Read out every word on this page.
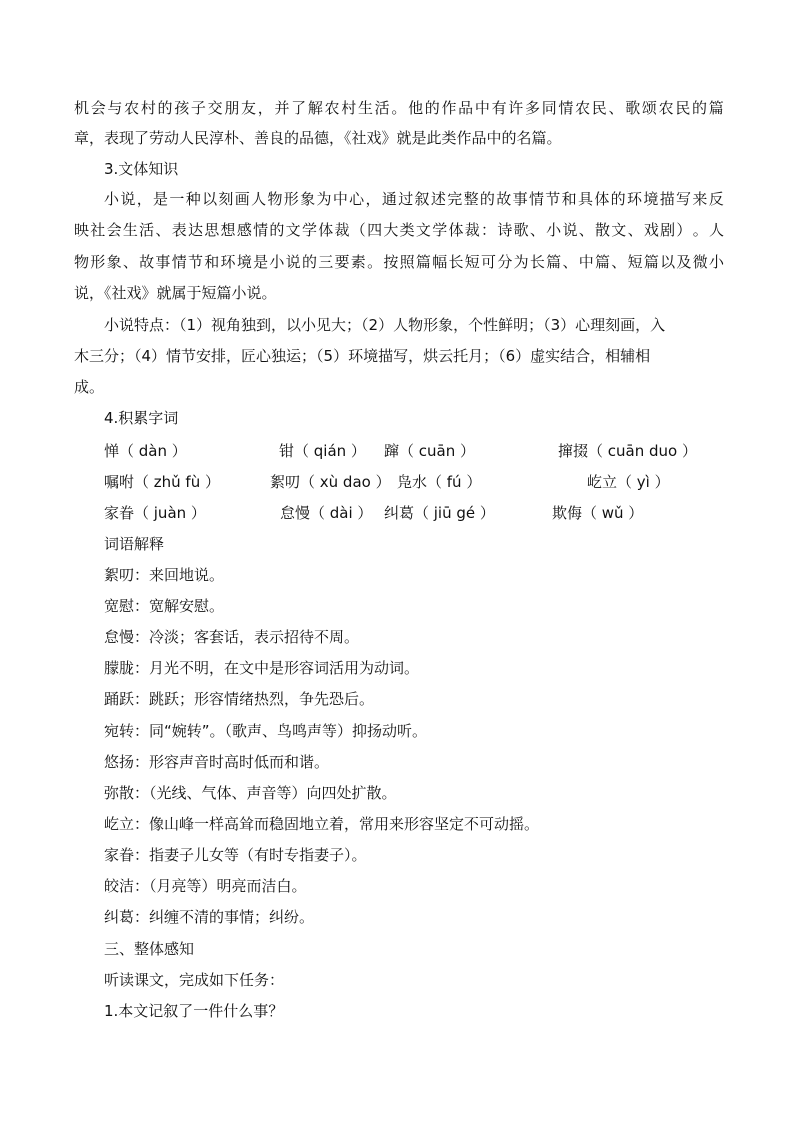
机 会 与 农 村 的 孩 子 交 朋 友 ， 并 了 解 农 村 生 活 。 他 的 作 品 中 有 许 多 同 情 农 民 、 歌 颂 农 民 的 篇
章，表现了劳动人民淳朴、善良的品德，《社戏》就是此类作品中的名篇。
3.文体知识
小 说 ， 是 一 种 以 刻 画 人 物 形 象 为 中 心 ， 通 过 叙 述 完 整 的 故 事 情 节 和 具 体 的 环 境 描 写 来 反
映 社 会 生 活 、 表 达 思 想 感 情 的 文 学 体 裁 （ 四 大 类 文 学 体 裁 ： 诗 歌 、 小 说 、 散 文 、 戏 剧 ） 。 人
物 形 象 、 故 事 情 节 和 环 境 是 小 说 的 三 要 素 。 按 照 篇 幅 长 短 可 分 为 长 篇 、 中 篇 、 短 篇 以 及 微 小
说，《社戏》就属于短篇小说。
小说特点：（1）视角独到，以小见大；（2）人物形象，个性鲜明；（3）心理刻画，入
木三分；（4）情节安排，匠心独运；（5）环境描写，烘云托月；（6）虚实结合，相辅相
成。
4.积累字词
惮（ dàn ）	钳（ qián ） 蹿（ cuān ）	撺掇（ cuān duo ）
嘱咐（ zhǔ fù ）	絮叨（ xù dao ） 凫水（ fú ）	屹立（ yì ）
家眷（ juàn ）	怠慢（ dài ） 纠葛（ jiū gé ）	欺侮（ wǔ ）
词语解释
絮叨：来回地说。
宽慰：宽解安慰。
怠慢：冷淡；客套话，表示招待不周。
朦胧：月光不明，在文中是形容词活用为动词。
踊跃：跳跃；形容情绪热烈，争先恐后。
宛转：同“婉转”。（歌声、鸟鸣声等）抑扬动听。
悠扬：形容声音时高时低而和谐。
弥散：（光线、气体、声音等）向四处扩散。
屹立：像山峰一样高耸而稳固地立着，常用来形容坚定不可动摇。
家眷：指妻子儿女等（有时专指妻子）。
皎洁：（月亮等）明亮而洁白。
纠葛：纠缠不清的事情；纠纷。
三、整体感知
听读课文，完成如下任务：
1.本文记叙了一件什么事？
